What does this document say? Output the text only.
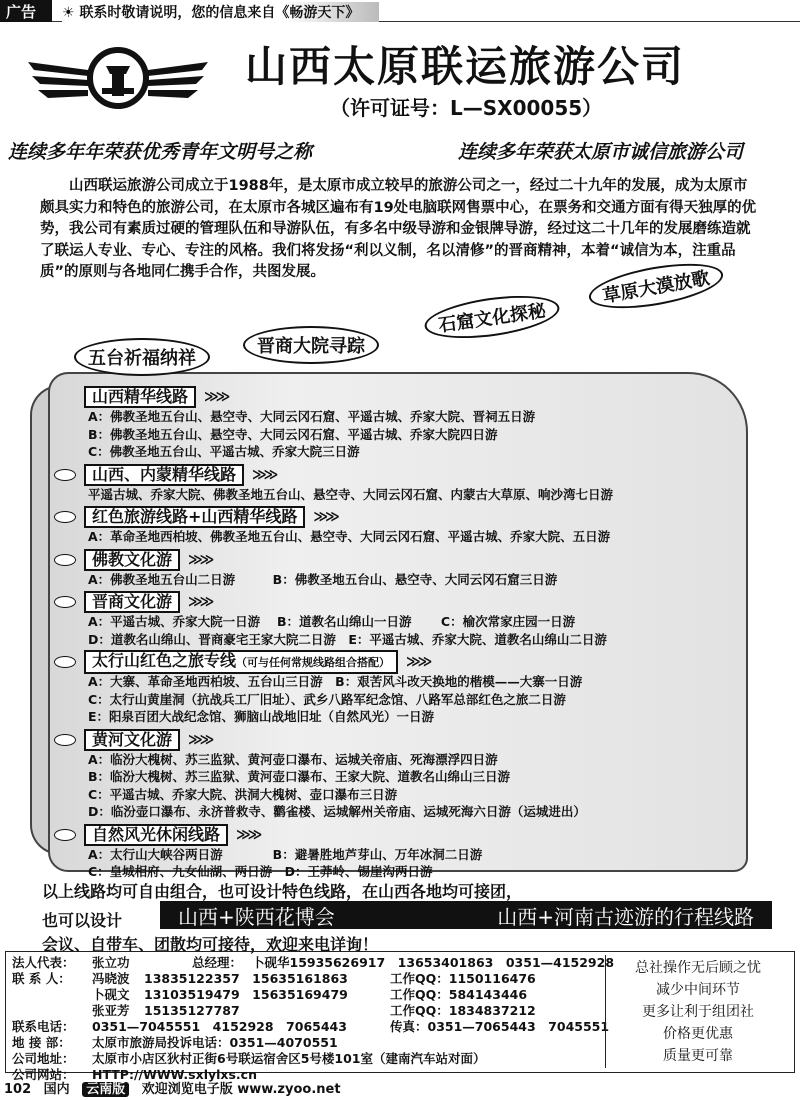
广告	☀ 联系时敬请说明，您的信息来自《畅游天下》
山西太原联运旅游公司
（许可证号：L—SX00055）
连续多年年荣获优秀青年文明号之称	连续多年荣获太原市诚信旅游公司
山西联运旅游公司成立于1988年，是太原市成立较早的旅游公司之一，经过二十九年的发展，成为太原市颇具实力和特色的旅游公司，在太原市各城区遍布有19处电脑联网售票中心，在票务和交通方面有得天独厚的优势，我公司有素质过硬的管理队伍和导游队伍，有多名中级导游和金银牌导游，经过这二十几年的发展磨练造就了联运人专业、专心、专注的风格。我们将发扬“利以义制，名以清修”的晋商精神，本着“诚信为本，注重品质”的原则与各地同仁携手合作，共图发展。
五台祈福纳祥
晋商大院寻踪
石窟文化探秘
草原大漠放歌
山西精华线路	≫≫
A：佛教圣地五台山、悬空寺、大同云冈石窟、平遥古城、乔家大院、晋祠五日游
B：佛教圣地五台山、悬空寺、大同云冈石窟、平遥古城、乔家大院四日游
C：佛教圣地五台山、平遥古城、乔家大院三日游
山西、内蒙精华线路	≫≫
平遥古城、乔家大院、佛教圣地五台山、悬空寺、大同云冈石窟、内蒙古大草原、响沙湾七日游
红色旅游线路+山西精华线路	≫≫
A：革命圣地西柏坡、佛教圣地五台山、悬空寺、大同云冈石窟、平遥古城、乔家大院、五日游
佛教文化游	≫≫
A：佛教圣地五台山二日游　　　B：佛教圣地五台山、悬空寺、大同云冈石窟三日游
晋商文化游	≫≫
A：平遥古城、乔家大院一日游　 B：道教名山绵山一日游　　 C：榆次常家庄园一日游
D：道教名山绵山、晋商豪宅王家大院二日游　E：平遥古城、乔家大院、道教名山绵山二日游
太行山红色之旅专线（可与任何常规线路组合搭配）	≫≫
A：大寨、革命圣地西柏坡、五台山三日游　B：艰苦风斗改天换地的楷模——大寨一日游
C：太行山黄崖洞（抗战兵工厂旧址）、武乡八路军纪念馆、八路军总部红色之旅二日游
E：阳泉百团大战纪念馆、狮脑山战地旧址（自然风光）一日游
黄河文化游	≫≫
A：临汾大槐树、苏三监狱、黄河壶口瀑布、运城关帝庙、死海漂浮四日游
B：临汾大槐树、苏三监狱、黄河壶口瀑布、王家大院、道教名山绵山三日游
C：平遥古城、乔家大院、洪洞大槐树、壶口瀑布三日游
D：临汾壶口瀑布、永济普救寺、鹳雀楼、运城解州关帝庙、运城死海六日游（运城进出）
自然风光休闲线路	≫≫
A：太行山大峡谷两日游　　　　B：避暑胜地芦芽山、万年冰洞二日游
C：皇城相府、九女仙湖、两日游　D：王莽岭、锡崖沟两日游
以上线路均可自由组合，也可设计特色线路，在山西各地均可接团，
山西+陕西花博会	山西+河南古迹游的行程线路
也可以设计
会议、自带车、团散均可接待，欢迎来电详询！
法人代表： 张立功	总经理： 卜砚华15935626917　13653401863　0351—4152928
联 系 人： 冯晓波 13835122357　15635161863	工作QQ：1150116476
卜砚文 13103519479　15635169479	工作QQ：584143446
张亚芳 15135127787	工作QQ：1834837212
联系电话： 0351—7045551　4152928　7065443	传真：0351—7065443　7045551
地 接 部： 太原市旅游局投诉电话：0351—4070551
公司地址： 太原市小店区狄村正街6号联运宿舍区5号楼101室（建南汽车站对面）
公司网站： HTTP://WWW.sxlylxs.cn
总社操作无后顾之忧
减少中间环节
更多让利于组团社
价格更优惠
质量更可靠
102 国内 云南版 欢迎浏览电子版 www.zyoo.net
